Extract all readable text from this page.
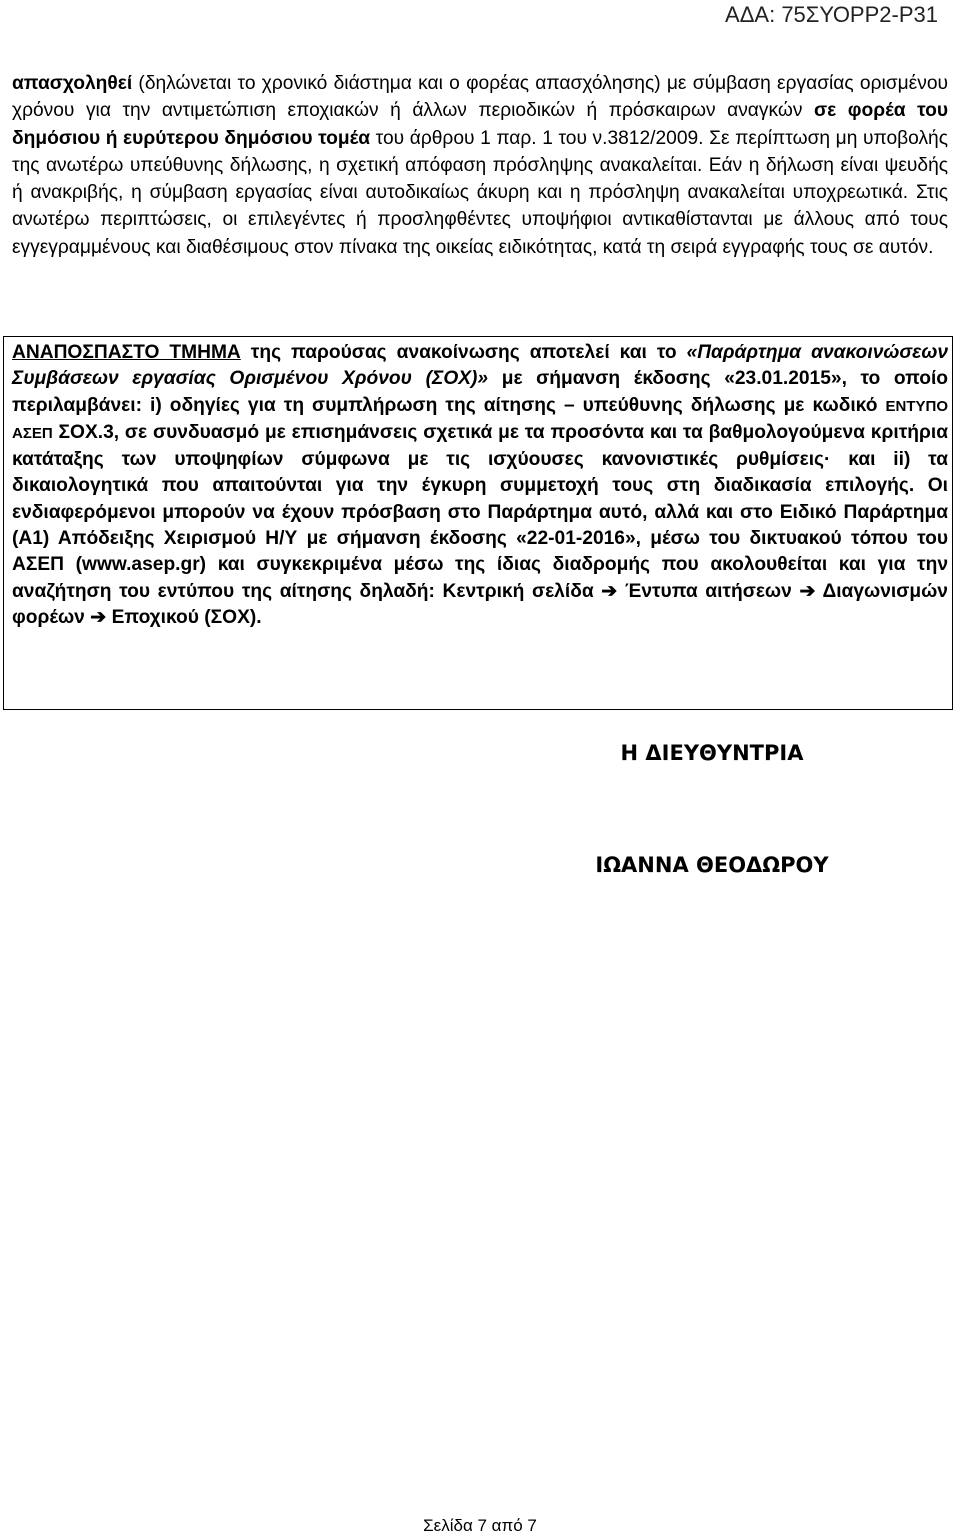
ΑΔΑ: 75ΣΥΟΡΡ2-Ρ31
απασχοληθεί (δηλώνεται το χρονικό διάστημα και ο φορέας απασχόλησης) με σύμβαση εργασίας ορισμένου χρόνου για την αντιμετώπιση εποχιακών ή άλλων περιοδικών ή πρόσκαιρων αναγκών σε φορέα του δημόσιου ή ευρύτερου δημόσιου τομέα του άρθρου 1 παρ. 1 του ν.3812/2009. Σε περίπτωση μη υποβολής της ανωτέρω υπεύθυνης δήλωσης, η σχετική απόφαση πρόσληψης ανακαλείται. Εάν η δήλωση είναι ψευδής ή ανακριβής, η σύμβαση εργασίας είναι αυτοδικαίως άκυρη και η πρόσληψη ανακαλείται υποχρεωτικά. Στις ανωτέρω περιπτώσεις, οι επιλεγέντες ή προσληφθέντες υποψήφιοι αντικαθίστανται με άλλους από τους εγγεγραμμένους και διαθέσιμους στον πίνακα της οικείας ειδικότητας, κατά τη σειρά εγγραφής τους σε αυτόν.
ΑΝΑΠΟΣΠΑΣΤΟ ΤΜΗΜΑ της παρούσας ανακοίνωσης αποτελεί και το «Παράρτημα ανακοινώσεων Συμβάσεων εργασίας Ορισμένου Χρόνου (ΣΟΧ)» με σήμανση έκδοσης «23.01.2015», το οποίο περιλαμβάνει: i) οδηγίες για τη συμπλήρωση της αίτησης – υπεύθυνης δήλωσης με κωδικό ΕΝΤΥΠΟ ΑΣΕΠ ΣΟΧ.3, σε συνδυασμό με επισημάνσεις σχετικά με τα προσόντα και τα βαθμολογούμενα κριτήρια κατάταξης των υποψηφίων σύμφωνα με τις ισχύουσες κανονιστικές ρυθμίσεις· και ii) τα δικαιολογητικά που απαιτούνται για την έγκυρη συμμετοχή τους στη διαδικασία επιλογής. Οι ενδιαφερόμενοι μπορούν να έχουν πρόσβαση στο Παράρτημα αυτό, αλλά και στο Ειδικό Παράρτημα (Α1) Απόδειξης Χειρισμού Η/Υ με σήμανση έκδοσης «22-01-2016», μέσω του δικτυακού τόπου του ΑΣΕΠ (www.asep.gr) και συγκεκριμένα μέσω της ίδιας διαδρομής που ακολουθείται και για την αναζήτηση του εντύπου της αίτησης δηλαδή: Κεντρική σελίδα ➔ Έντυπα αιτήσεων ➔ Διαγωνισμών φορέων ➔ Εποχικού (ΣΟΧ).
Η ΔΙΕΥΘΥΝΤΡΙΑ
ΙΩΑΝΝΑ ΘΕΟΔΩΡΟΥ
Σελίδα 7 από 7
